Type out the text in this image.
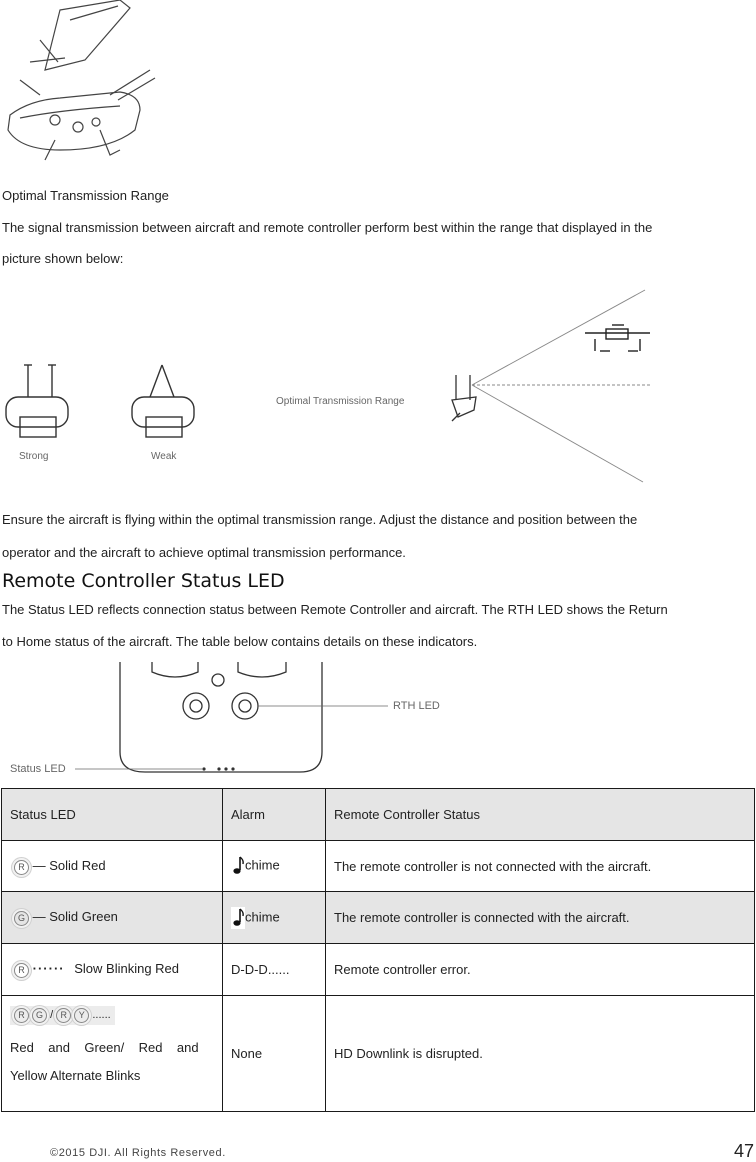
Optimal Transmission Range
The signal transmission between aircraft and remote controller perform best within the range that displayed in the
picture shown below:
Strong	Weak
Optimal Transmission Range
Ensure the aircraft is flying within the optimal transmission range. Adjust the distance and position between the
operator and the aircraft to achieve optimal transmission performance.
Remote Controller Status LED
The Status LED reflects connection status between Remote Controller and aircraft. The RTH LED shows the Return
to Home status of the aircraft. The table below contains details on these indicators.
RTH LED
Status LED
Status LED	Alarm	Remote Controller Status
R — Solid Red	chime	The remote controller is not connected with the aircraft.
G — Solid Green	chime	The remote controller is connected with the aircraft.
R ······ Slow Blinking Red	D-D-D......	Remote controller error.
R G / R Y ......
Red    and    Green/    Red    and
Yellow Alternate Blinks	None	HD Downlink is disrupted.
©2015 DJI. All Rights Reserved.	47
